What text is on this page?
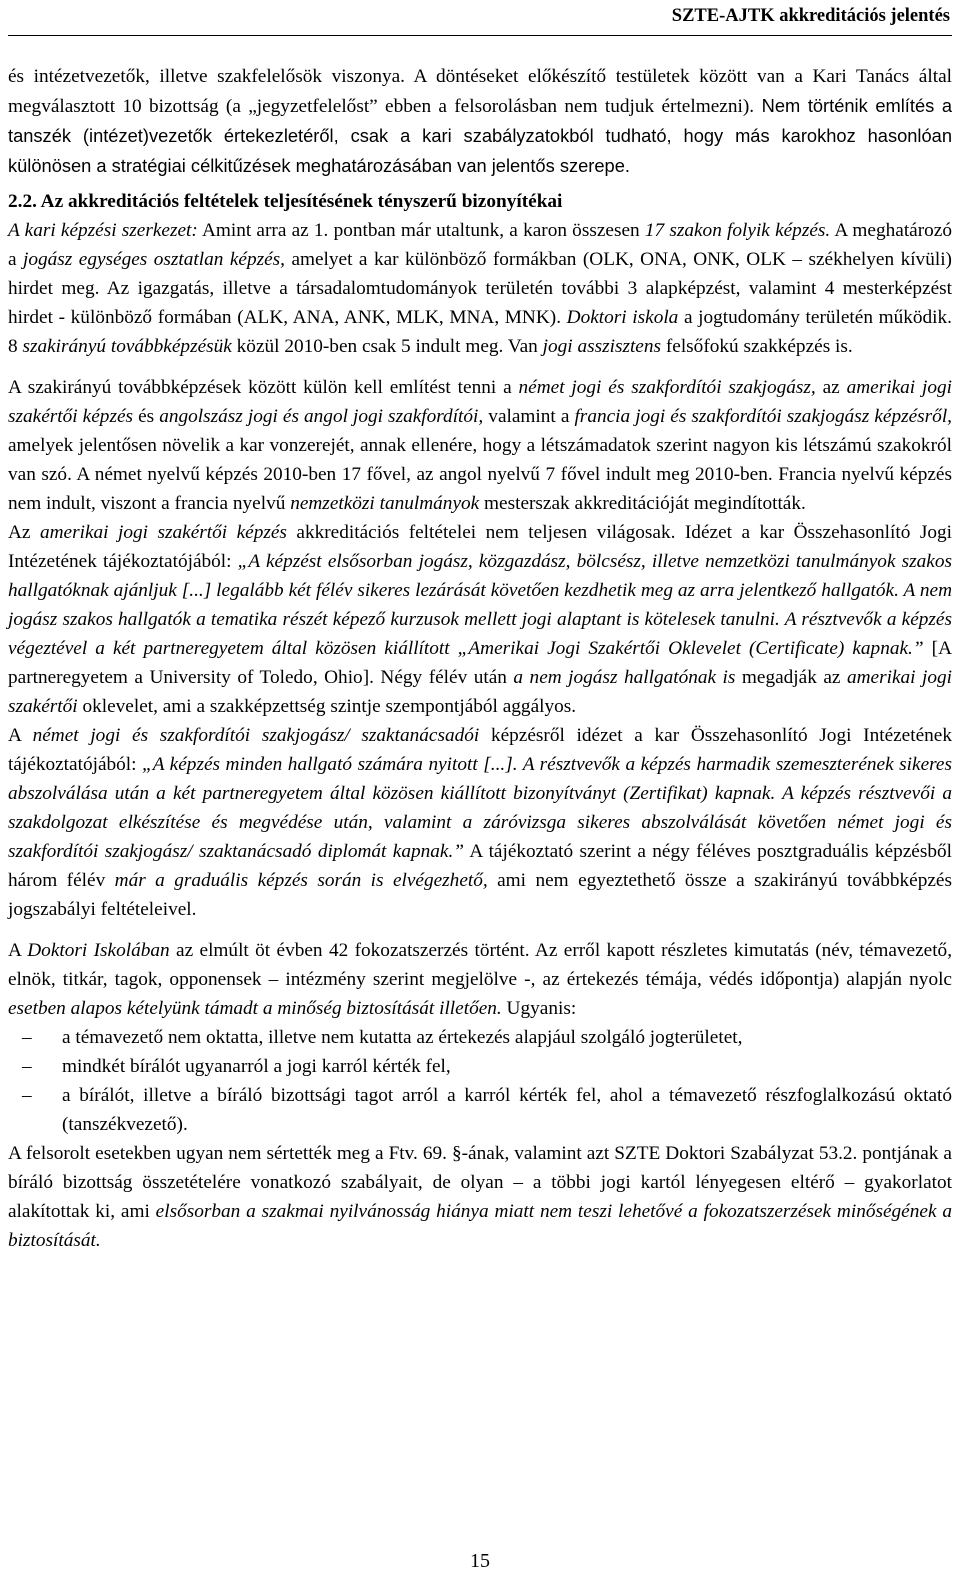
SZTE-AJTK akkreditációs jelentés

és intézetvezetők, illetve szakfelelősök viszonya. A döntéseket előkészítő testületek között van a Kari Tanács által megválasztott 10 bizottság (a „jegyzetfelelőst” ebben a felsorolásban nem tudjuk értelmezni). Nem történik említés a tanszék (intézet)vezetők értekezletéről, csak a kari szabályzatokból tudható, hogy más karokhoz hasonlóan különösen a stratégiai célkitűzések meghatározásában van jelentős szerepe.

2.2. Az akkreditációs feltételek teljesítésének tényszerű bizonyítékai

A kari képzési szerkezet: Amint arra az 1. pontban már utaltunk, a karon összesen 17 szakon folyik képzés. A meghatározó a jogász egységes osztatlan képzés, amelyet a kar különböző formákban (OLK, ONA, ONK, OLK – székhelyen kívüli) hirdet meg. Az igazgatás, illetve a társadalomtudományok területén további 3 alapképzést, valamint 4 mesterképzést hirdet - különböző formában (ALK, ANA, ANK, MLK, MNA, MNK). Doktori iskola a jogtudomány területén működik. 8 szakirányú továbbképzésük közül 2010-ben csak 5 indult meg. Van jogi asszisztens felsőfokú szakképzés is.

A szakirányú továbbképzések között külön kell említést tenni a német jogi és szakfordítói szakjogász, az amerikai jogi szakértői képzés és angolszász jogi és angol jogi szakfordítói, valamint a francia jogi és szakfordítói szakjogász képzésről, amelyek jelentősen növelik a kar vonzerejét, annak ellenére, hogy a létszámadatok szerint nagyon kis létszámú szakokról van szó. A német nyelvű képzés 2010-ben 17 fővel, az angol nyelvű 7 fővel indult meg 2010-ben. Francia nyelvű képzés nem indult, viszont a francia nyelvű nemzetközi tanulmányok mesterszak akkreditációját megindították.

Az amerikai jogi szakértői képzés akkreditációs feltételei nem teljesen világosak. Idézet a kar Összehasonlító Jogi Intézetének tájékoztatójából: „A képzést elsősorban jogász, közgazdász, bölcsész, illetve nemzetközi tanulmányok szakos hallgatóknak ajánljuk [...] legalább két félév sikeres lezárását követően kezdhetik meg az arra jelentkező hallgatók. A nem jogász szakos hallgatók a tematika részét képező kurzusok mellett jogi alaptant is kötelesek tanulni. A résztvevők a képzés végeztével a két partneregyetem által közösen kiállított „Amerikai Jogi Szakértői Oklevelet (Certificate) kapnak.” [A partneregyetem a University of Toledo, Ohio]. Négy félév után a nem jogász hallgatónak is megadják az amerikai jogi szakértői oklevelet, ami a szakképzettség szintje szempontjából aggályos.

A német jogi és szakfordítói szakjogász/ szaktanácsadói képzésről idézet a kar Összehasonlító Jogi Intézetének tájékoztatójából: „A képzés minden hallgató számára nyitott [...]. A résztvevők a képzés harmadik szemeszterének sikeres abszolválása után a két partneregyetem által közösen kiállított bizonyítványt (Zertifikat) kapnak. A képzés résztvevői a szakdolgozat elkészítése és megvédése után, valamint a záróvizsga sikeres abszolválását követően német jogi és szakfordítói szakjogász/ szaktanácsadó diplomát kapnak.” A tájékoztató szerint a négy féléves posztgraduális képzésből három félév már a graduális képzés során is elvégezhető, ami nem egyeztethető össze a szakirányú továbbképzés jogszabályi feltételeivel.

A Doktori Iskolában az elmúlt öt évben 42 fokozatszerzés történt. Az erről kapott részletes kimutatás (név, témavezető, elnök, titkár, tagok, opponensek – intézmény szerint megjelölve -, az értekezés témája, védés időpontja) alapján nyolc esetben alapos kételyünk támadt a minőség biztosítását illetően. Ugyanis:

– a témavezető nem oktatta, illetve nem kutatta az értekezés alapjául szolgáló jogterületet,
– mindkét bírálót ugyanarról a jogi karról kérték fel,
– a bírálót, illetve a bíráló bizottsági tagot arról a karról kérték fel, ahol a témavezető részfoglalkozású oktató (tanszékvezető).

A felsorolt esetekben ugyan nem sértették meg a Ftv. 69. §-ának, valamint azt SZTE Doktori Szabályzat 53.2. pontjának a bíráló bizottság összetételére vonatkozó szabályait, de olyan – a többi jogi kartól lényegesen eltérő – gyakorlatot alakítottak ki, ami elsősorban a szakmai nyilvánosság hiánya miatt nem teszi lehetővé a fokozatszerzések minőségének a biztosítását.

15
